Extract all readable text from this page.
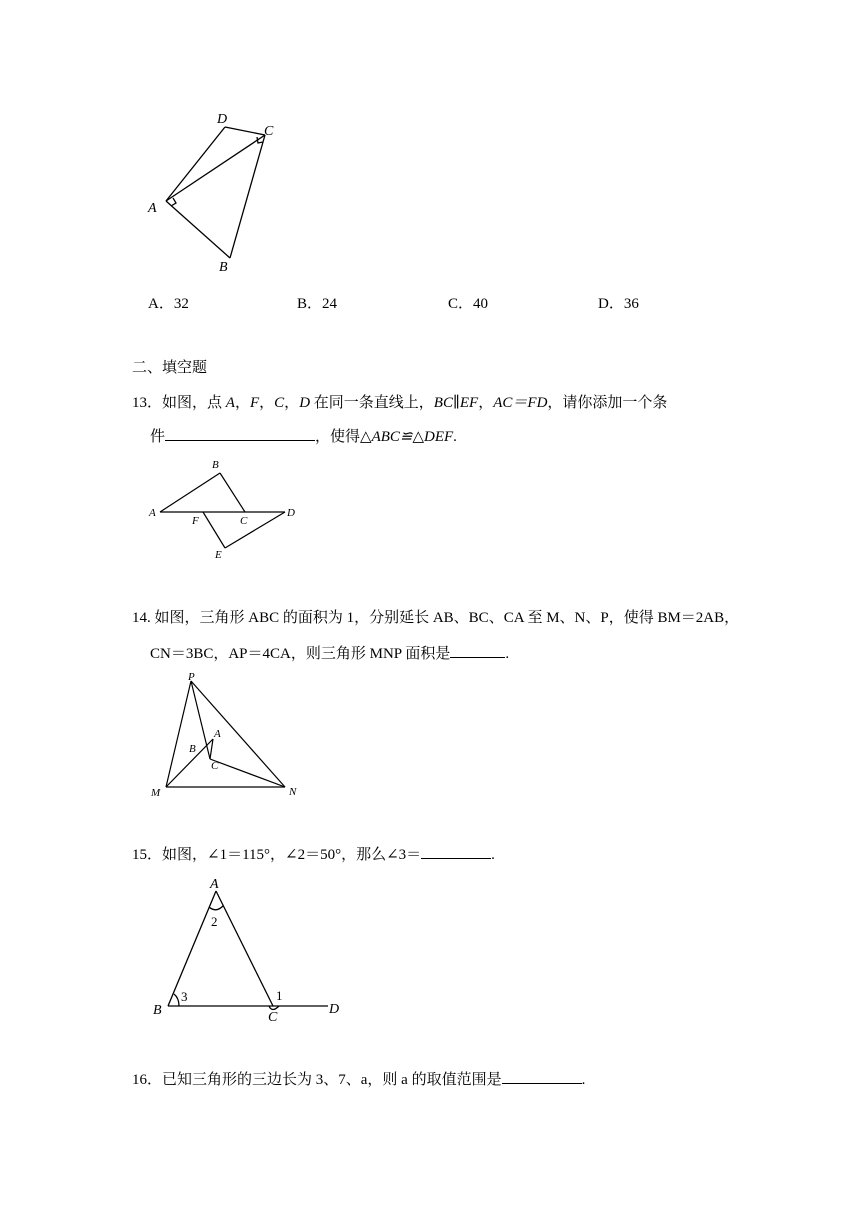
D
C
A
B
A．32	B．24	C．40	D．36
二、填空题
13．如图，点 A，F，C，D 在同一条直线上，BC∥EF，AC＝FD，请你添加一个条
件	，使得△ABC≌△DEF.
B
A
F	C
D
E
14. 如图，三角形 ABC 的面积为 1，分别延长 AB、BC、CA 至 M、N、P，使得 BM＝2AB，
CN＝3BC，AP＝4CA，则三角形 MNP 面积是	.
P
A
B
C
M	N
15．如图，∠1＝115°，∠2＝50°，那么∠3＝	.
A
2
B
3	1
C
D
16．已知三角形的三边长为 3、7、a，则 a 的取值范围是	.
